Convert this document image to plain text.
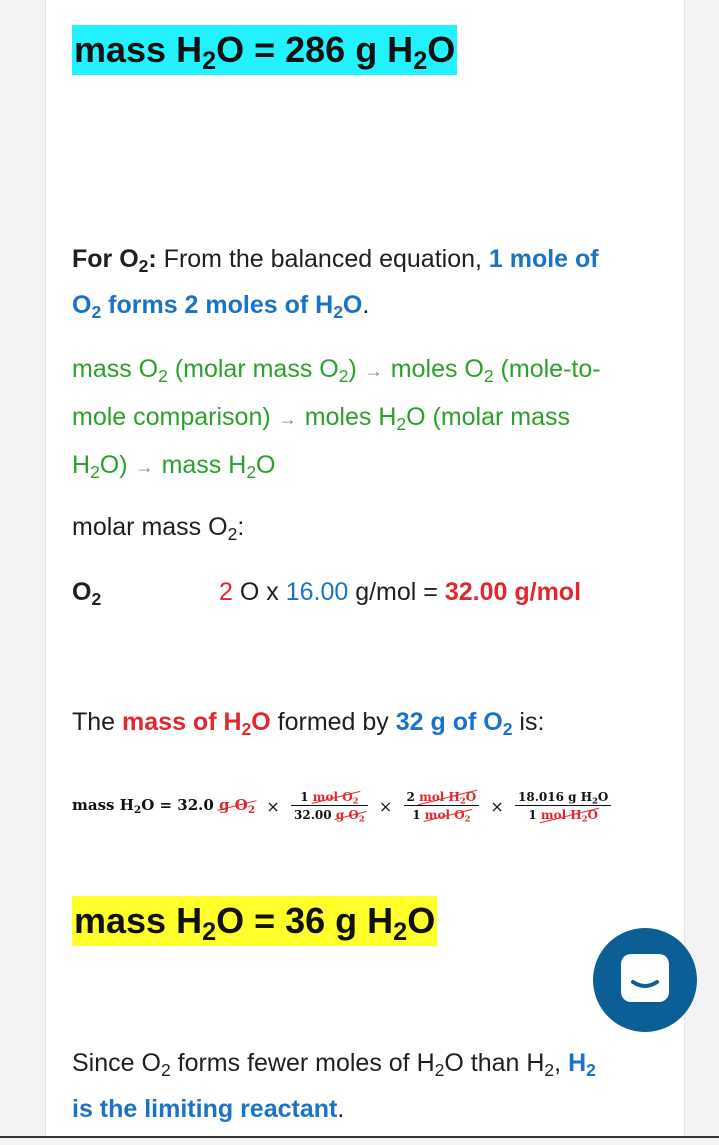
mass $H_2O = 286$ g $H_2O$

For $O_2$: From the balanced equation, 1 mole of
$O_2$ forms 2 moles of $H_2O$.

mass $O_2$ (molar mass $O_2$) → moles $O_2$ (mole-to-
mole comparison) → moles $H_2O$ (molar mass
$H_2O$) → mass $H_2O$

molar mass $O_2$:

$O_2$	2 O x 16.00 g/mol = 32.00 g/mol

The mass of $H_2O$ formed by 32 g of $O_2$ is:

mass $H_2O = 32.0$ g $O_2 \times \frac{1 mol O_2}{32.00 g O_2} \times \frac{2 mol H_2O}{1 mol O_2} \times \frac{18.016 g H_2O}{1 mol H_2O}$
mass $H_2O = 36$ g $H_2O$

Since $O_2$ forms fewer moles of $H_2O$ than $H_2$, $H_2$
is the limiting reactant.
